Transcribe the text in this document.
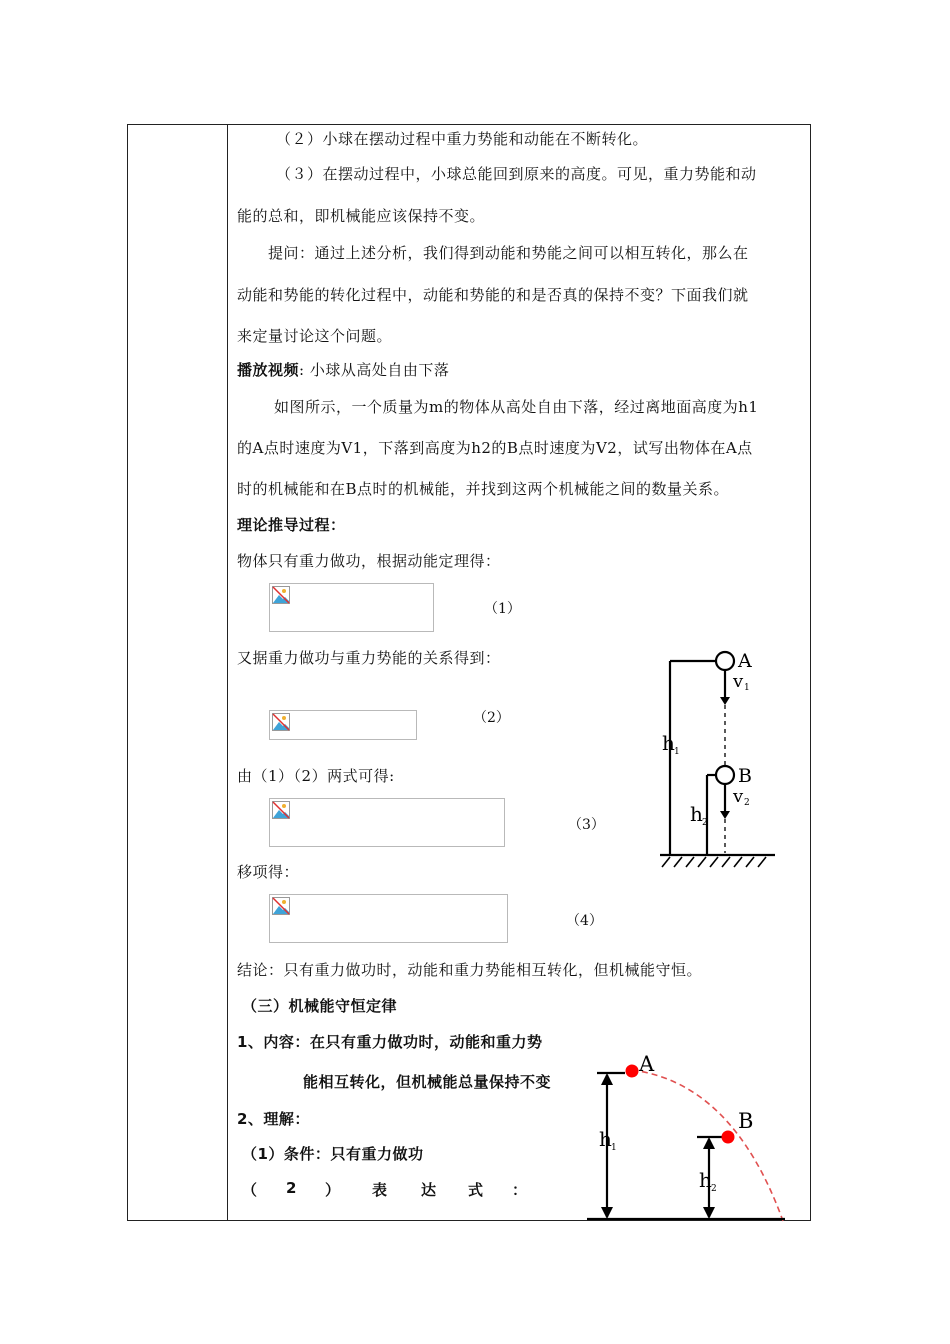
（２）小球在摆动过程中重力势能和动能在不断转化。
（３）在摆动过程中，小球总能回到原来的高度。可见，重力势能和动
能的总和，即机械能应该保持不变。
提问：通过上述分析，我们得到动能和势能之间可以相互转化，那么在
动能和势能的转化过程中，动能和势能的和是否真的保持不变？下面我们就
来定量讨论这个问题。
播放视频: 小球从高处自由下落
如图所示，一个质量为m的物体从高处自由下落，经过离地面高度为h1
的A点时速度为V1，下落到高度为h2的B点时速度为V2，试写出物体在A点
时的机械能和在B点时的机械能，并找到这两个机械能之间的数量关系。
理论推导过程：
物体只有重力做功，根据动能定理得：
（1）
又据重力做功与重力势能的关系得到：
（2）
由（1）（2）两式可得:
（3）
移项得：
（4）
结论：只有重力做功时，动能和重力势能相互转化，但机械能守恒。
（三）机械能守恒定律
1、内容：在只有重力做功时，动能和重力势
能相互转化，但机械能总量保持不变
2、理解：
（1）条件：只有重力做功
（ 2 ） 表 达 式 ：
A
B
v 1
v 2
h 1
h 2
A
B
h 1
h 2
